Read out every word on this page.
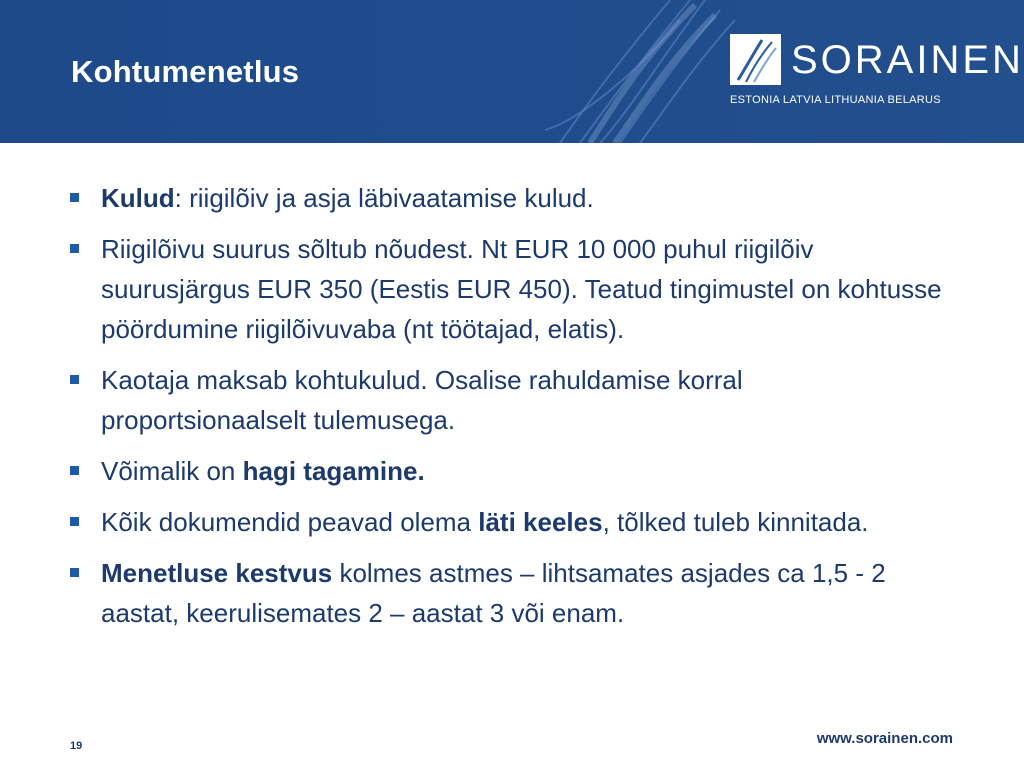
Kohtumenetlus	SORAINEN
ESTONIA LATVIA LITHUANIA BELARUS
Kulud: riigilõiv ja asja läbivaatamise kulud.
Riigilõivu suurus sõltub nõudest. Nt EUR 10 000 puhul riigilõiv suurusjärgus EUR 350 (Eestis EUR 450). Teatud tingimustel on kohtusse pöördumine riigilõivuvaba (nt töötajad, elatis).
Kaotaja maksab kohtukulud. Osalise rahuldamise korral proportsionaalselt tulemusega.
Võimalik on hagi tagamine.
Kõik dokumendid peavad olema läti keeles, tõlked tuleb kinnitada.
Menetluse kestvus kolmes astmes – lihtsamates asjades ca 1,5 - 2 aastat, keerulisemates 2 – aastat 3 või enam.
19	www.sorainen.com
